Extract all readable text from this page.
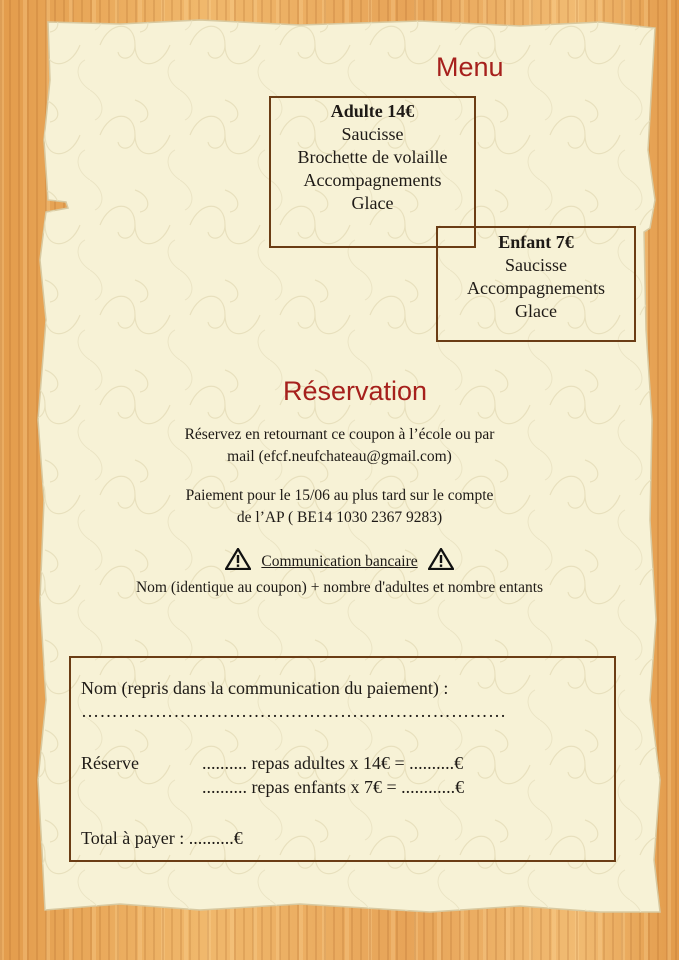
Menu
Adulte 14€
Saucisse
Brochette de volaille
Accompagnements
Glace
Enfant 7€
Saucisse
Accompagnements
Glace
Réservation
Réservez en retournant ce coupon à l’école ou par
mail (efcf.neufchateau@gmail.com)
Paiement pour le 15/06 au plus tard sur le compte
de l’AP ( BE14 1030 2367 9283)
Communication bancaire
Nom (identique au coupon) + nombre d'adultes et nombre entants
Nom (repris dans la communication du paiement) :
……………………………………………………………
Réserve	.......... repas adultes x 14€ = ..........€
.......... repas enfants x 7€ = ............€
Total à payer : ..........€
